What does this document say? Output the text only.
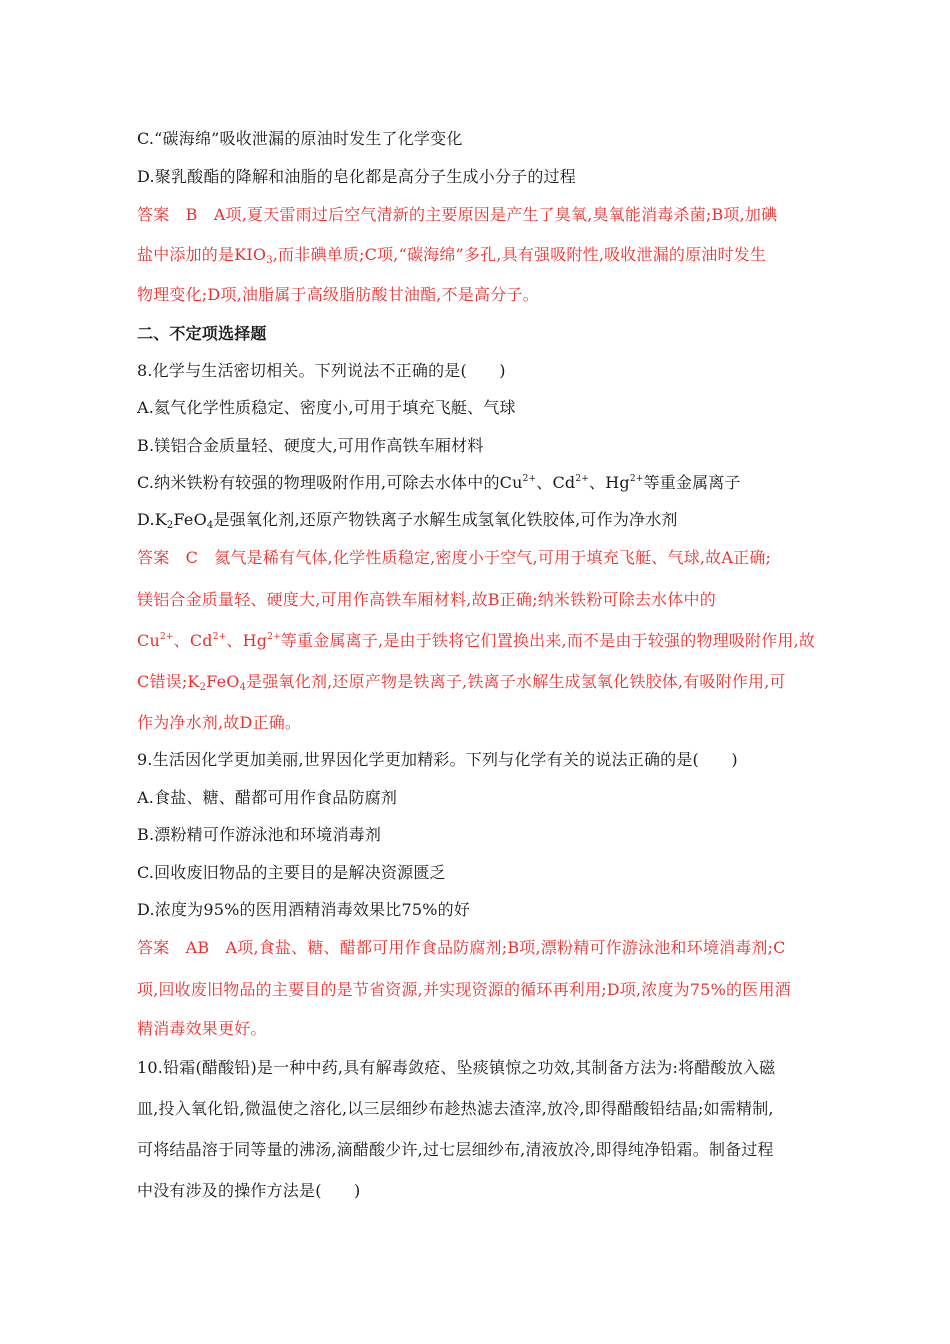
C.“碳海绵”吸收泄漏的原油时发生了化学变化
D.聚乳酸酯的降解和油脂的皂化都是高分子生成小分子的过程
答案　B　A项,夏天雷雨过后空气清新的主要原因是产生了臭氧,臭氧能消毒杀菌;B项,加碘
盐中添加的是$KIO_3$,而非碘单质;C项,“碳海绵”多孔,具有强吸附性,吸收泄漏的原油时发生
物理变化;D项,油脂属于高级脂肪酸甘油酯,不是高分子。
二、不定项选择题
8.化学与生活密切相关。下列说法不正确的是(　　)
A.氦气化学性质稳定、密度小,可用于填充飞艇、气球
B.镁铝合金质量轻、硬度大,可用作高铁车厢材料
C.纳米铁粉有较强的物理吸附作用,可除去水体中的$Cu^{2+}$、$Cd^{2+}$、$Hg^{2+}$等重金属离子
$D.K_2FeO_4$是强氧化剂,还原产物铁离子水解生成氢氧化铁胶体,可作为净水剂
答案　C　氦气是稀有气体,化学性质稳定,密度小于空气,可用于填充飞艇、气球,故A正确;
镁铝合金质量轻、硬度大,可用作高铁车厢材料,故B正确;纳米铁粉可除去水体中的
$Cu^{2+}$、$Cd^{2+}$、$Hg^{2+}$等重金属离子,是由于铁将它们置换出来,而不是由于较强的物理吸附作用,故
C错误$;K_2FeO_4$是强氧化剂,还原产物是铁离子,铁离子水解生成氢氧化铁胶体,有吸附作用,可
作为净水剂,故D正确。
9.生活因化学更加美丽,世界因化学更加精彩。下列与化学有关的说法正确的是(　　)
A.食盐、糖、醋都可用作食品防腐剂
B.漂粉精可作游泳池和环境消毒剂
C.回收废旧物品的主要目的是解决资源匮乏
D.浓度为95%的医用酒精消毒效果比75%的好
答案　AB　A项,食盐、糖、醋都可用作食品防腐剂;B项,漂粉精可作游泳池和环境消毒剂;C
项,回收废旧物品的主要目的是节省资源,并实现资源的循环再利用;D项,浓度为75%的医用酒
精消毒效果更好。
10.铅霜(醋酸铅)是一种中药,具有解毒敛疮、坠痰镇惊之功效,其制备方法为:将醋酸放入磁
皿,投入氧化铅,微温使之溶化,以三层细纱布趁热滤去渣滓,放冷,即得醋酸铅结晶;如需精制,
可将结晶溶于同等量的沸汤,滴醋酸少许,过七层细纱布,清液放冷,即得纯净铅霜。制备过程
中没有涉及的操作方法是(　　)
